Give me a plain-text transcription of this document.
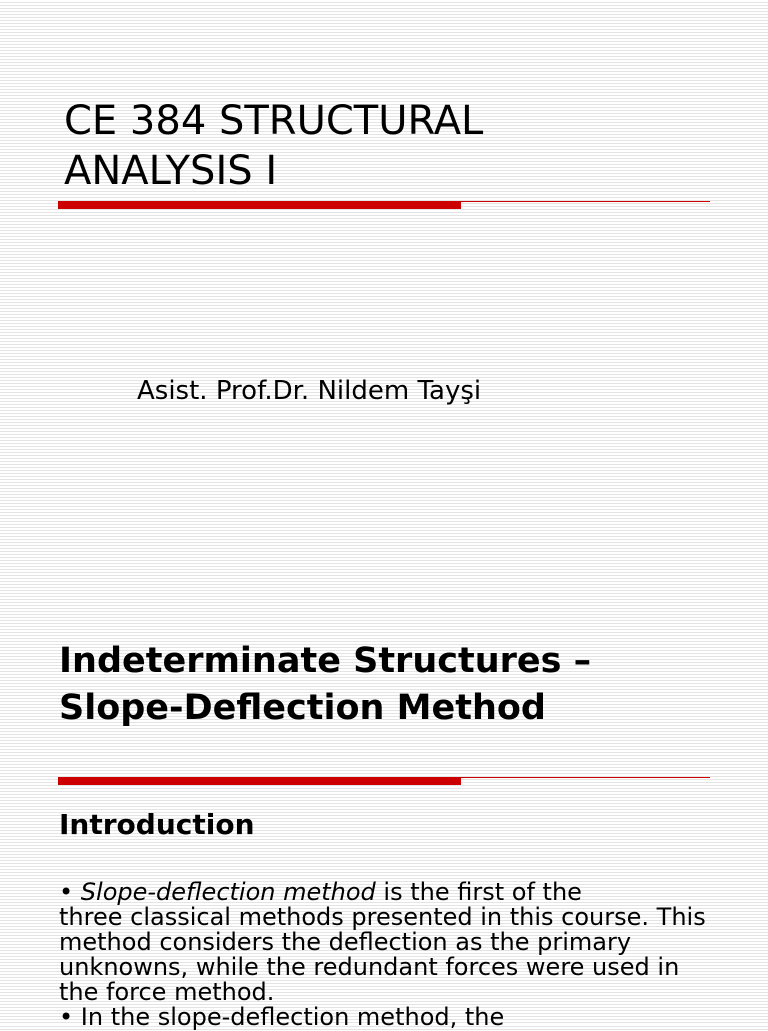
CE 384 STRUCTURAL
ANALYSIS I

Asist. Prof.Dr. Nildem Tayşi

Indeterminate Structures –
Slope-Deflection Method
Introduction

• Slope-deflection method is the first of the
three classical methods presented in this course. This method considers the deflection as the primary unknowns, while the redundant forces were used in the force method.

• In the slope-deflection method, the
